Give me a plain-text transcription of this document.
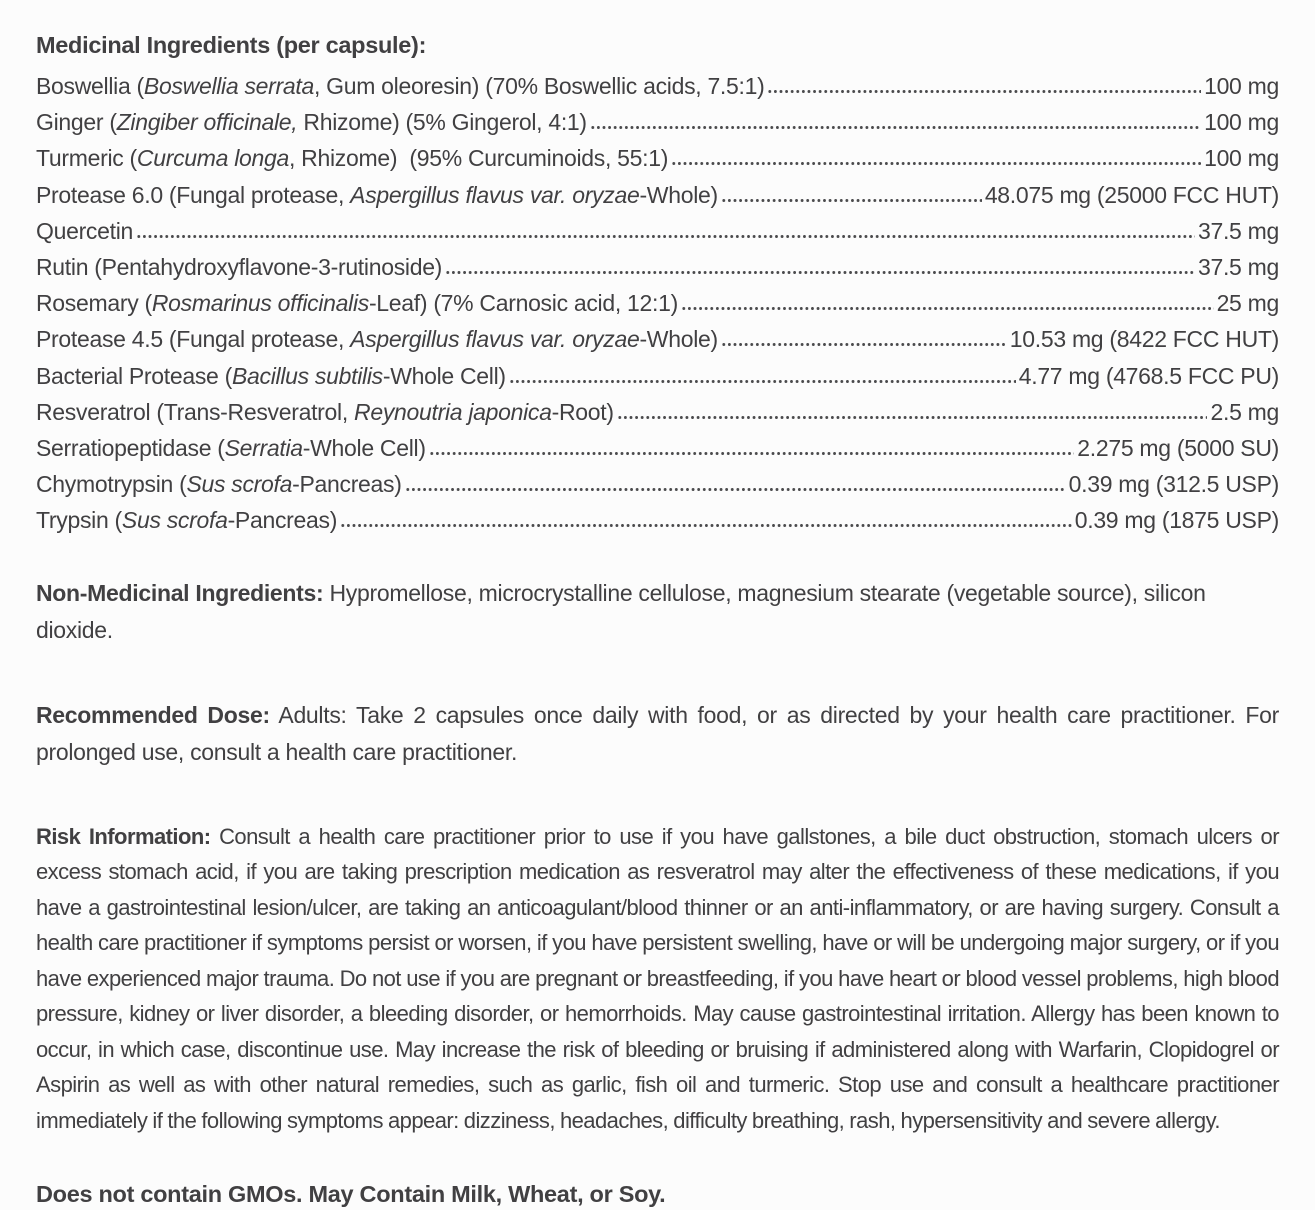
Medicinal Ingredients (per capsule):
Boswellia (Boswellia serrata, Gum oleoresin) (70% Boswellic acids, 7.5:1)	100 mg
Ginger (Zingiber officinale, Rhizome) (5% Gingerol, 4:1)	100 mg
Turmeric (Curcuma longa, Rhizome)  (95% Curcuminoids, 55:1)	100 mg
Protease 6.0 (Fungal protease, Aspergillus flavus var. oryzae-Whole)	48.075 mg (25000 FCC HUT)
Quercetin	37.5 mg
Rutin (Pentahydroxyflavone-3-rutinoside)	37.5 mg
Rosemary (Rosmarinus officinalis-Leaf) (7% Carnosic acid, 12:1)	25 mg
Protease 4.5 (Fungal protease, Aspergillus flavus var. oryzae-Whole)	10.53 mg (8422 FCC HUT)
Bacterial Protease (Bacillus subtilis-Whole Cell)	4.77 mg (4768.5 FCC PU)
Resveratrol (Trans-Resveratrol, Reynoutria japonica-Root)	2.5 mg
Serratiopeptidase (Serratia-Whole Cell)	2.275 mg (5000 SU)
Chymotrypsin (Sus scrofa-Pancreas)	0.39 mg (312.5 USP)
Trypsin (Sus scrofa-Pancreas)	0.39 mg (1875 USP)

Non-Medicinal Ingredients: Hypromellose, microcrystalline cellulose, magnesium stearate (vegetable source), silicon dioxide.

Recommended Dose: Adults: Take 2 capsules once daily with food, or as directed by your health care practitioner. For prolonged use, consult a health care practitioner.

Risk Information: Consult a health care practitioner prior to use if you have gallstones, a bile duct obstruction, stomach ulcers or excess stomach acid, if you are taking prescription medication as resveratrol may alter the effectiveness of these medications, if you have a gastrointestinal lesion/ulcer, are taking an anticoagulant/blood thinner or an anti-inflammatory, or are having surgery. Consult a health care practitioner if symptoms persist or worsen, if you have persistent swelling, have or will be undergoing major surgery, or if you have experienced major trauma. Do not use if you are pregnant or breastfeeding, if you have heart or blood vessel problems, high blood pressure, kidney or liver disorder, a bleeding disorder, or hemorrhoids. May cause gastrointestinal irritation. Allergy has been known to occur, in which case, discontinue use. May increase the risk of bleeding or bruising if administered along with Warfarin, Clopidogrel or Aspirin as well as with other natural remedies, such as garlic, fish oil and turmeric. Stop use and consult a healthcare practitioner immediately if the following symptoms appear: dizziness, headaches, difficulty breathing, rash, hypersensitivity and severe allergy.

Does not contain GMOs. May Contain Milk, Wheat, or Soy.
